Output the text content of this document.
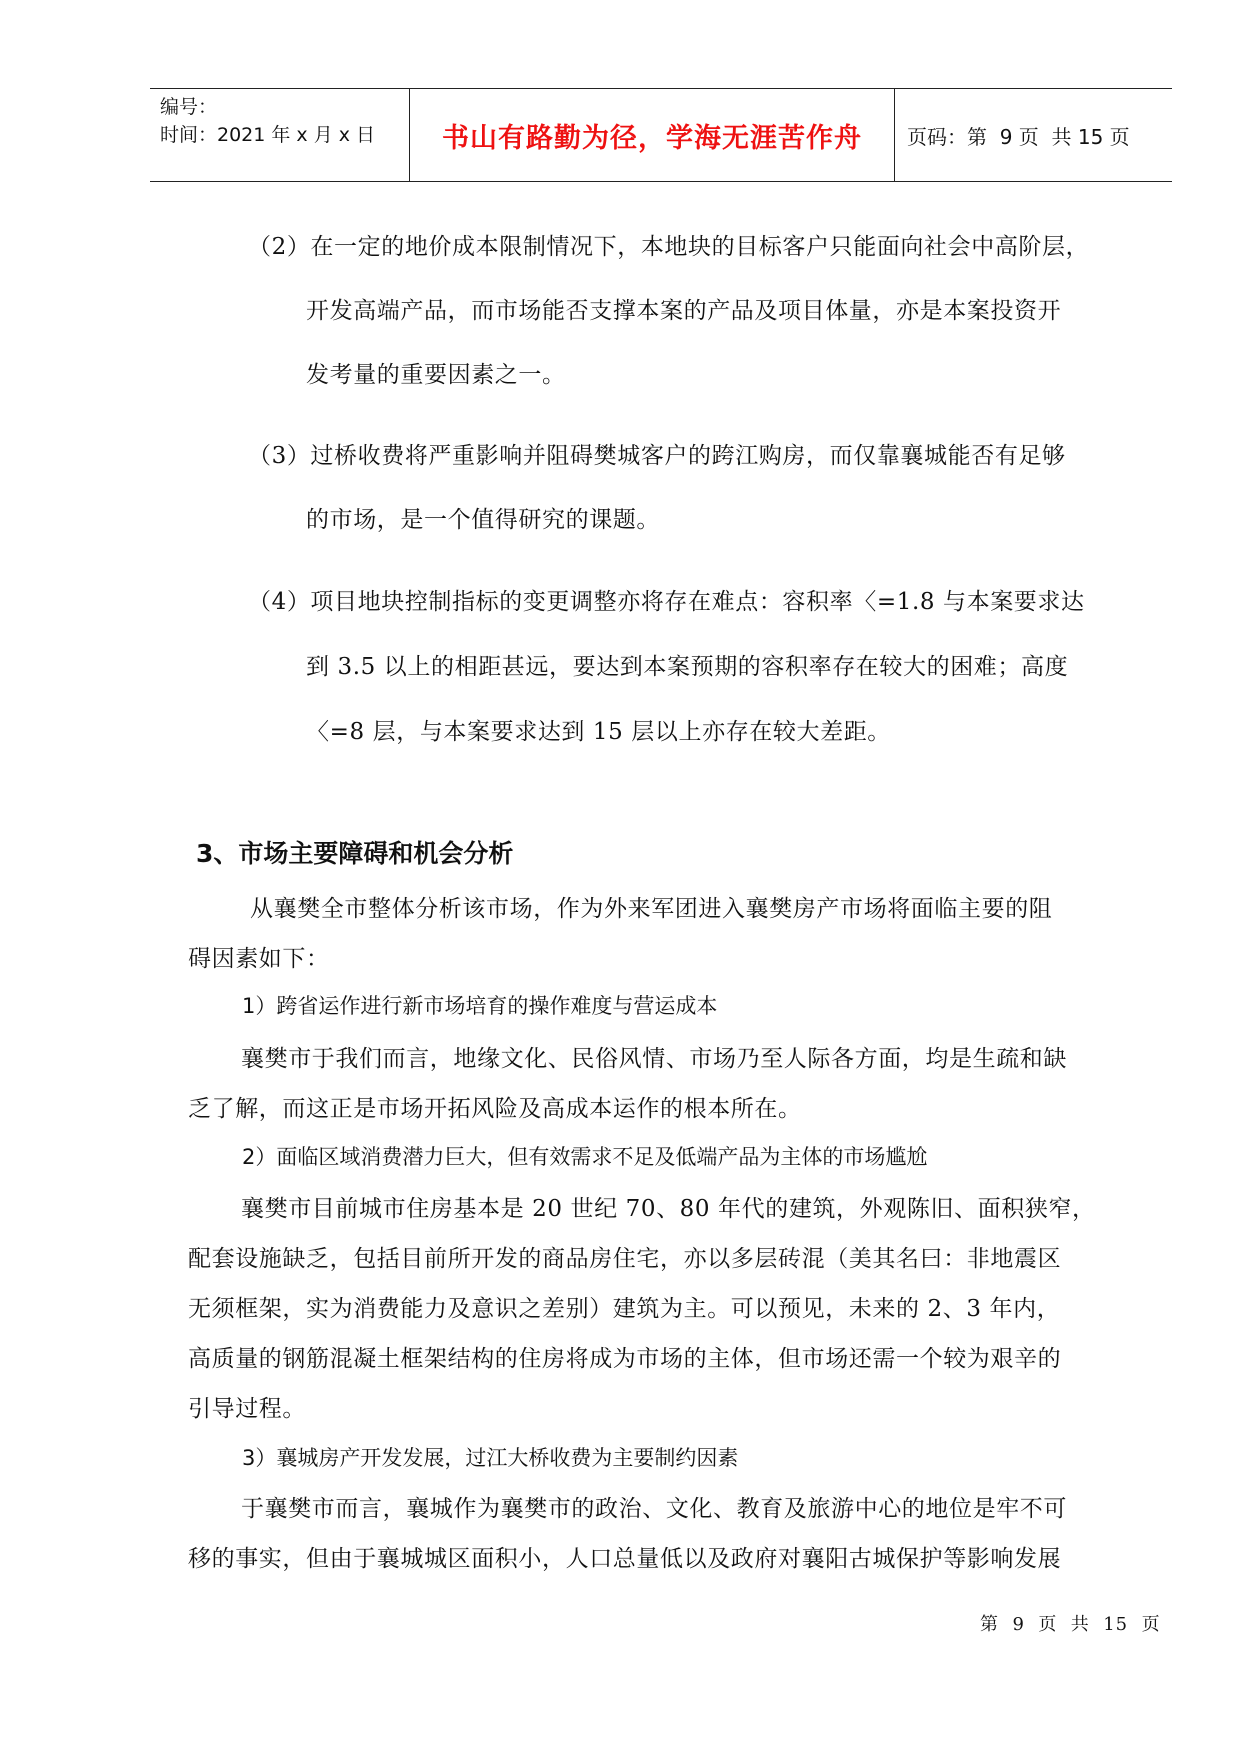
编号：
时间：2021 年 x 月 x 日	书山有路勤为径，学海无涯苦作舟	页码：第  9 页  共 15 页
（2）在一定的地价成本限制情况下，本地块的目标客户只能面向社会中高阶层，
开发高端产品，而市场能否支撑本案的产品及项目体量，亦是本案投资开
发考量的重要因素之一。
（3）过桥收费将严重影响并阻碍樊城客户的跨江购房，而仅靠襄城能否有足够
的市场，是一个值得研究的课题。
（4）项目地块控制指标的变更调整亦将存在难点：容积率〈=1.8 与本案要求达
到 3.5 以上的相距甚远，要达到本案预期的容积率存在较大的困难；高度
〈=8 层，与本案要求达到 15 层以上亦存在较大差距。
3、市场主要障碍和机会分析
从襄樊全市整体分析该市场，作为外来军团进入襄樊房产市场将面临主要的阻
碍因素如下：
1）跨省运作进行新市场培育的操作难度与营运成本
襄樊市于我们而言，地缘文化、民俗风情、市场乃至人际各方面，均是生疏和缺
乏了解，而这正是市场开拓风险及高成本运作的根本所在。
2）面临区域消费潜力巨大，但有效需求不足及低端产品为主体的市场尴尬
襄樊市目前城市住房基本是 20 世纪 70、80 年代的建筑，外观陈旧、面积狭窄，
配套设施缺乏，包括目前所开发的商品房住宅，亦以多层砖混（美其名曰：非地震区
无须框架，实为消费能力及意识之差别）建筑为主。可以预见，未来的 2、3 年内，
高质量的钢筋混凝土框架结构的住房将成为市场的主体，但市场还需一个较为艰辛的
引导过程。
3）襄城房产开发发展，过江大桥收费为主要制约因素
于襄樊市而言，襄城作为襄樊市的政治、文化、教育及旅游中心的地位是牢不可
移的事实，但由于襄城城区面积小，人口总量低以及政府对襄阳古城保护等影响发展
第  9  页  共  15  页
